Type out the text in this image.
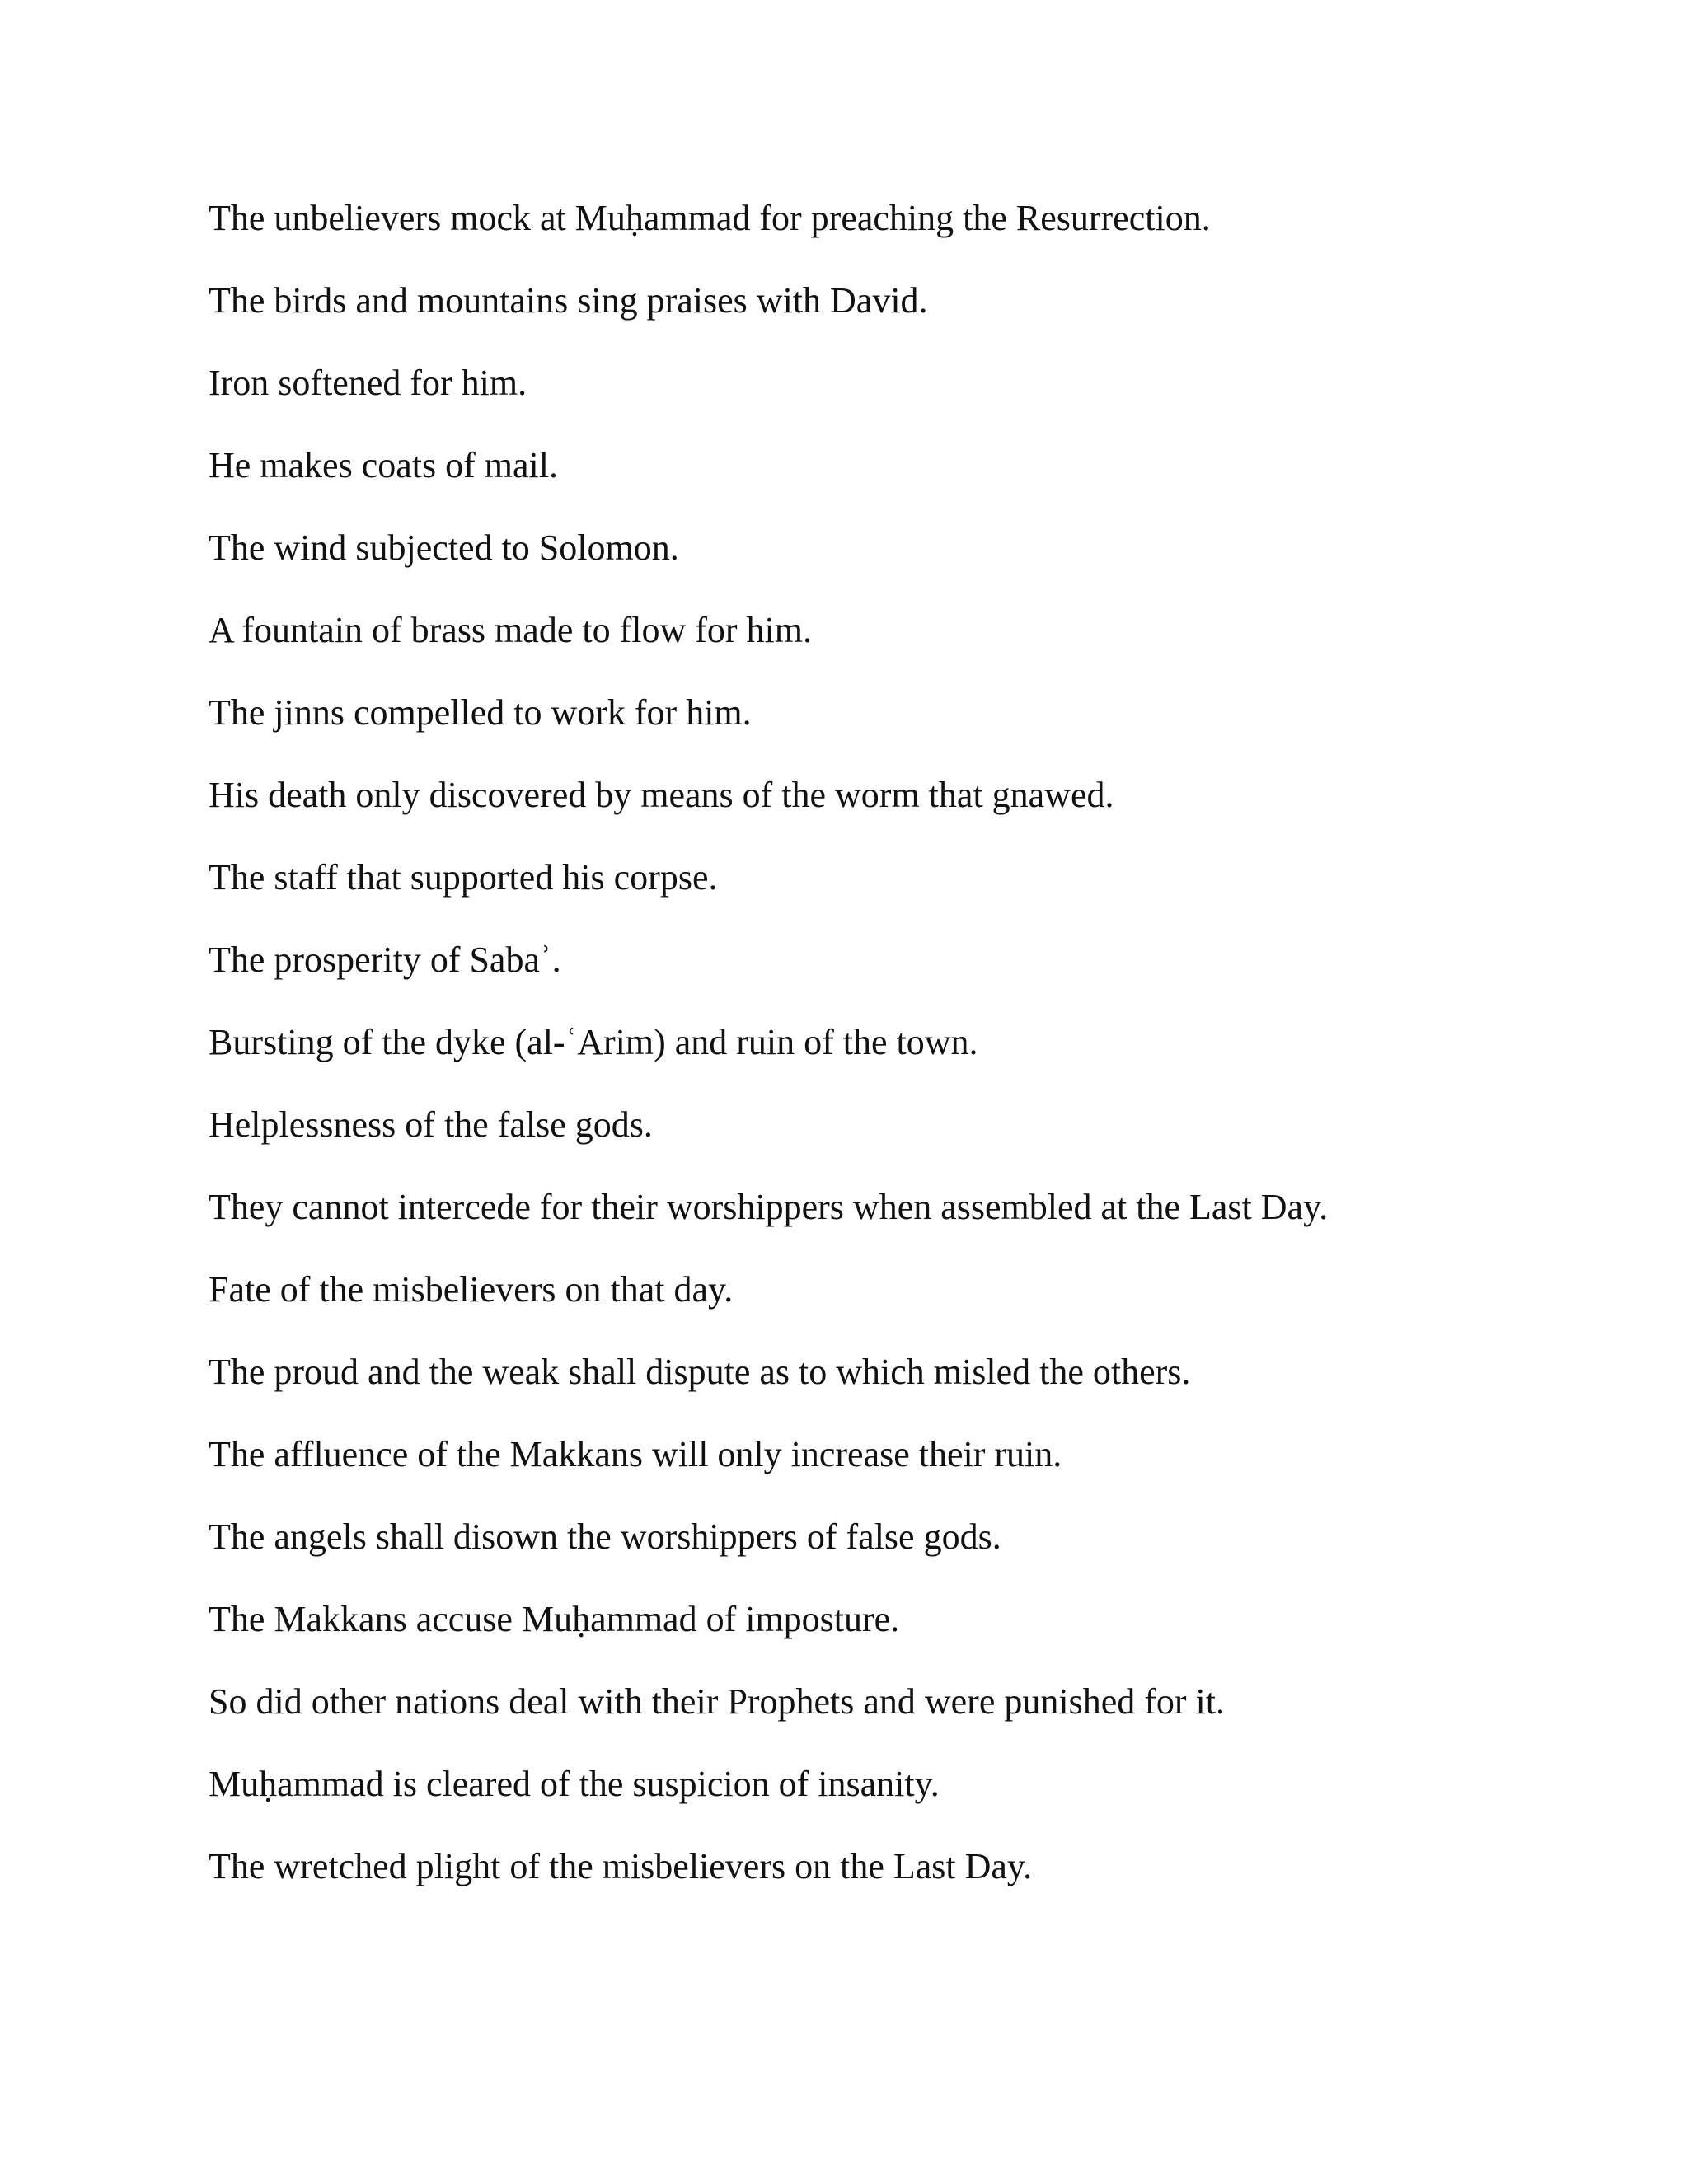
The unbelievers mock at Muḥammad for preaching the Resurrection.
The birds and mountains sing praises with David.
Iron softened for him.
He makes coats of mail.
The wind subjected to Solomon.
A fountain of brass made to flow for him.
The jinns compelled to work for him.
His death only discovered by means of the worm that gnawed.
The staff that supported his corpse.
The prosperity of Sabaʾ.
Bursting of the dyke (al-ʿArim) and ruin of the town.
Helplessness of the false gods.
They cannot intercede for their worshippers when assembled at the Last Day.
Fate of the misbelievers on that day.
The proud and the weak shall dispute as to which misled the others.
The affluence of the Makkans will only increase their ruin.
The angels shall disown the worshippers of false gods.
The Makkans accuse Muḥammad of imposture.
So did other nations deal with their Prophets and were punished for it.
Muḥammad is cleared of the suspicion of insanity.
The wretched plight of the misbelievers on the Last Day.
